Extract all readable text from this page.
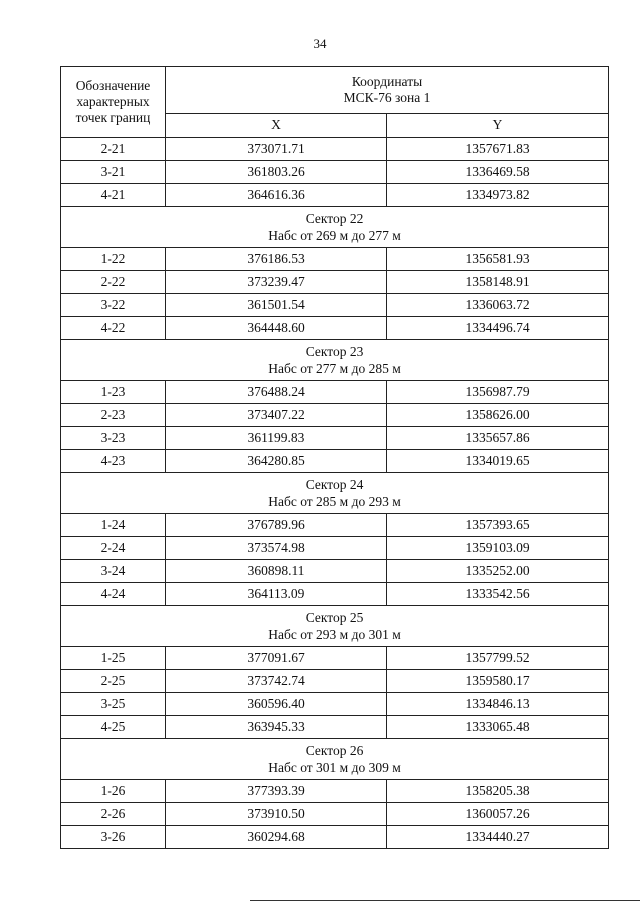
34
Обозначение
характерных
точек границ	Координаты
МСК-76 зона 1	
	X	Y
2-21	373071.71	1357671.83
3-21	361803.26	1336469.58
4-21	364616.36	1334973.82
Сектор 22
Набс от 269 м до 277 м		
1-22	376186.53	1356581.93
2-22	373239.47	1358148.91
3-22	361501.54	1336063.72
4-22	364448.60	1334496.74
Сектор 23
Набс от 277 м до 285 м		
1-23	376488.24	1356987.79
2-23	373407.22	1358626.00
3-23	361199.83	1335657.86
4-23	364280.85	1334019.65
Сектор 24
Набс от 285 м до 293 м		
1-24	376789.96	1357393.65
2-24	373574.98	1359103.09
3-24	360898.11	1335252.00
4-24	364113.09	1333542.56
Сектор 25
Набс от 293 м до 301 м		
1-25	377091.67	1357799.52
2-25	373742.74	1359580.17
3-25	360596.40	1334846.13
4-25	363945.33	1333065.48
Сектор 26
Набс от 301 м до 309 м		
1-26	377393.39	1358205.38
2-26	373910.50	1360057.26
3-26	360294.68	1334440.27
